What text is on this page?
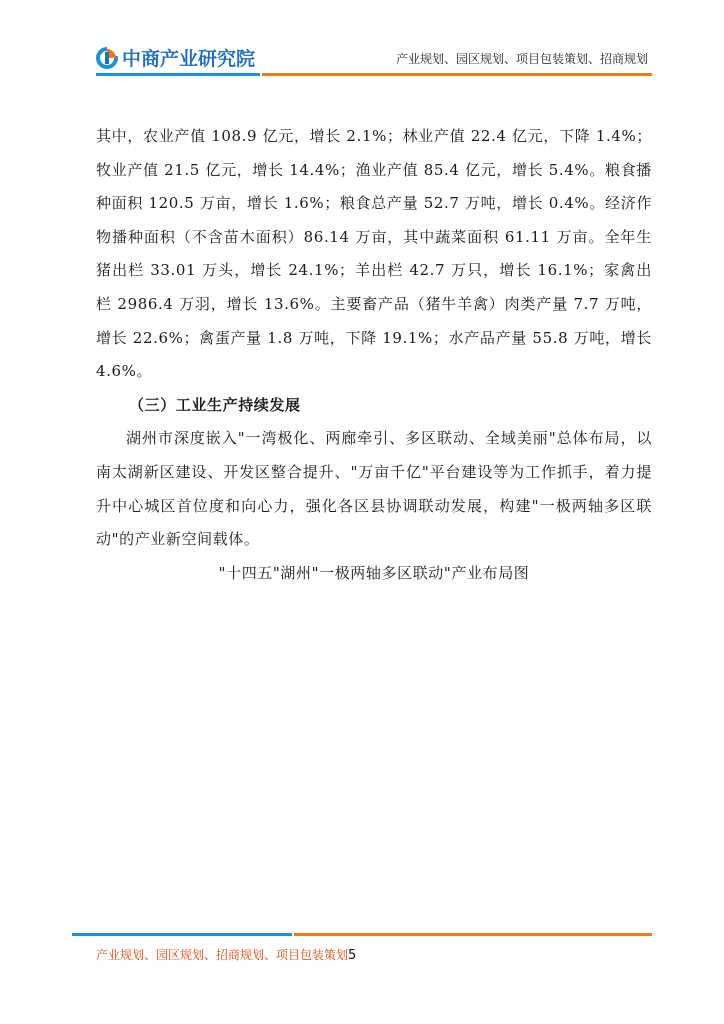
中商产业研究院	产业规划、园区规划、项目包装策划、招商规划

其中，农业产值 108.9 亿元，增长 2.1%；林业产值 22.4 亿元，下降 1.4%；牧业产值 21.5 亿元，增长 14.4%；渔业产值 85.4 亿元，增长 5.4%。粮食播种面积 120.5 万亩，增长 1.6%；粮食总产量 52.7 万吨，增长 0.4%。经济作物播种面积（不含苗木面积）86.14 万亩，其中蔬菜面积 61.11 万亩。全年生猪出栏 33.01 万头，增长 24.1%；羊出栏 42.7 万只，增长 16.1%；家禽出栏 2986.4 万羽，增长 13.6%。主要畜产品（猪牛羊禽）肉类产量 7.7 万吨，增长 22.6%；禽蛋产量 1.8 万吨，下降 19.1%；水产品产量 55.8 万吨，增长 4.6%。

（三）工业生产持续发展

湖州市深度嵌入"一湾极化、两廊牵引、多区联动、全域美丽"总体布局，以南太湖新区建设、开发区整合提升、"万亩千亿"平台建设等为工作抓手，着力提升中心城区首位度和向心力，强化各区县协调联动发展，构建"一极两轴多区联动"的产业新空间载体。

"十四五"湖州"一极两轴多区联动"产业布局图

产业规划、园区规划、招商规划、项目包装策划5
